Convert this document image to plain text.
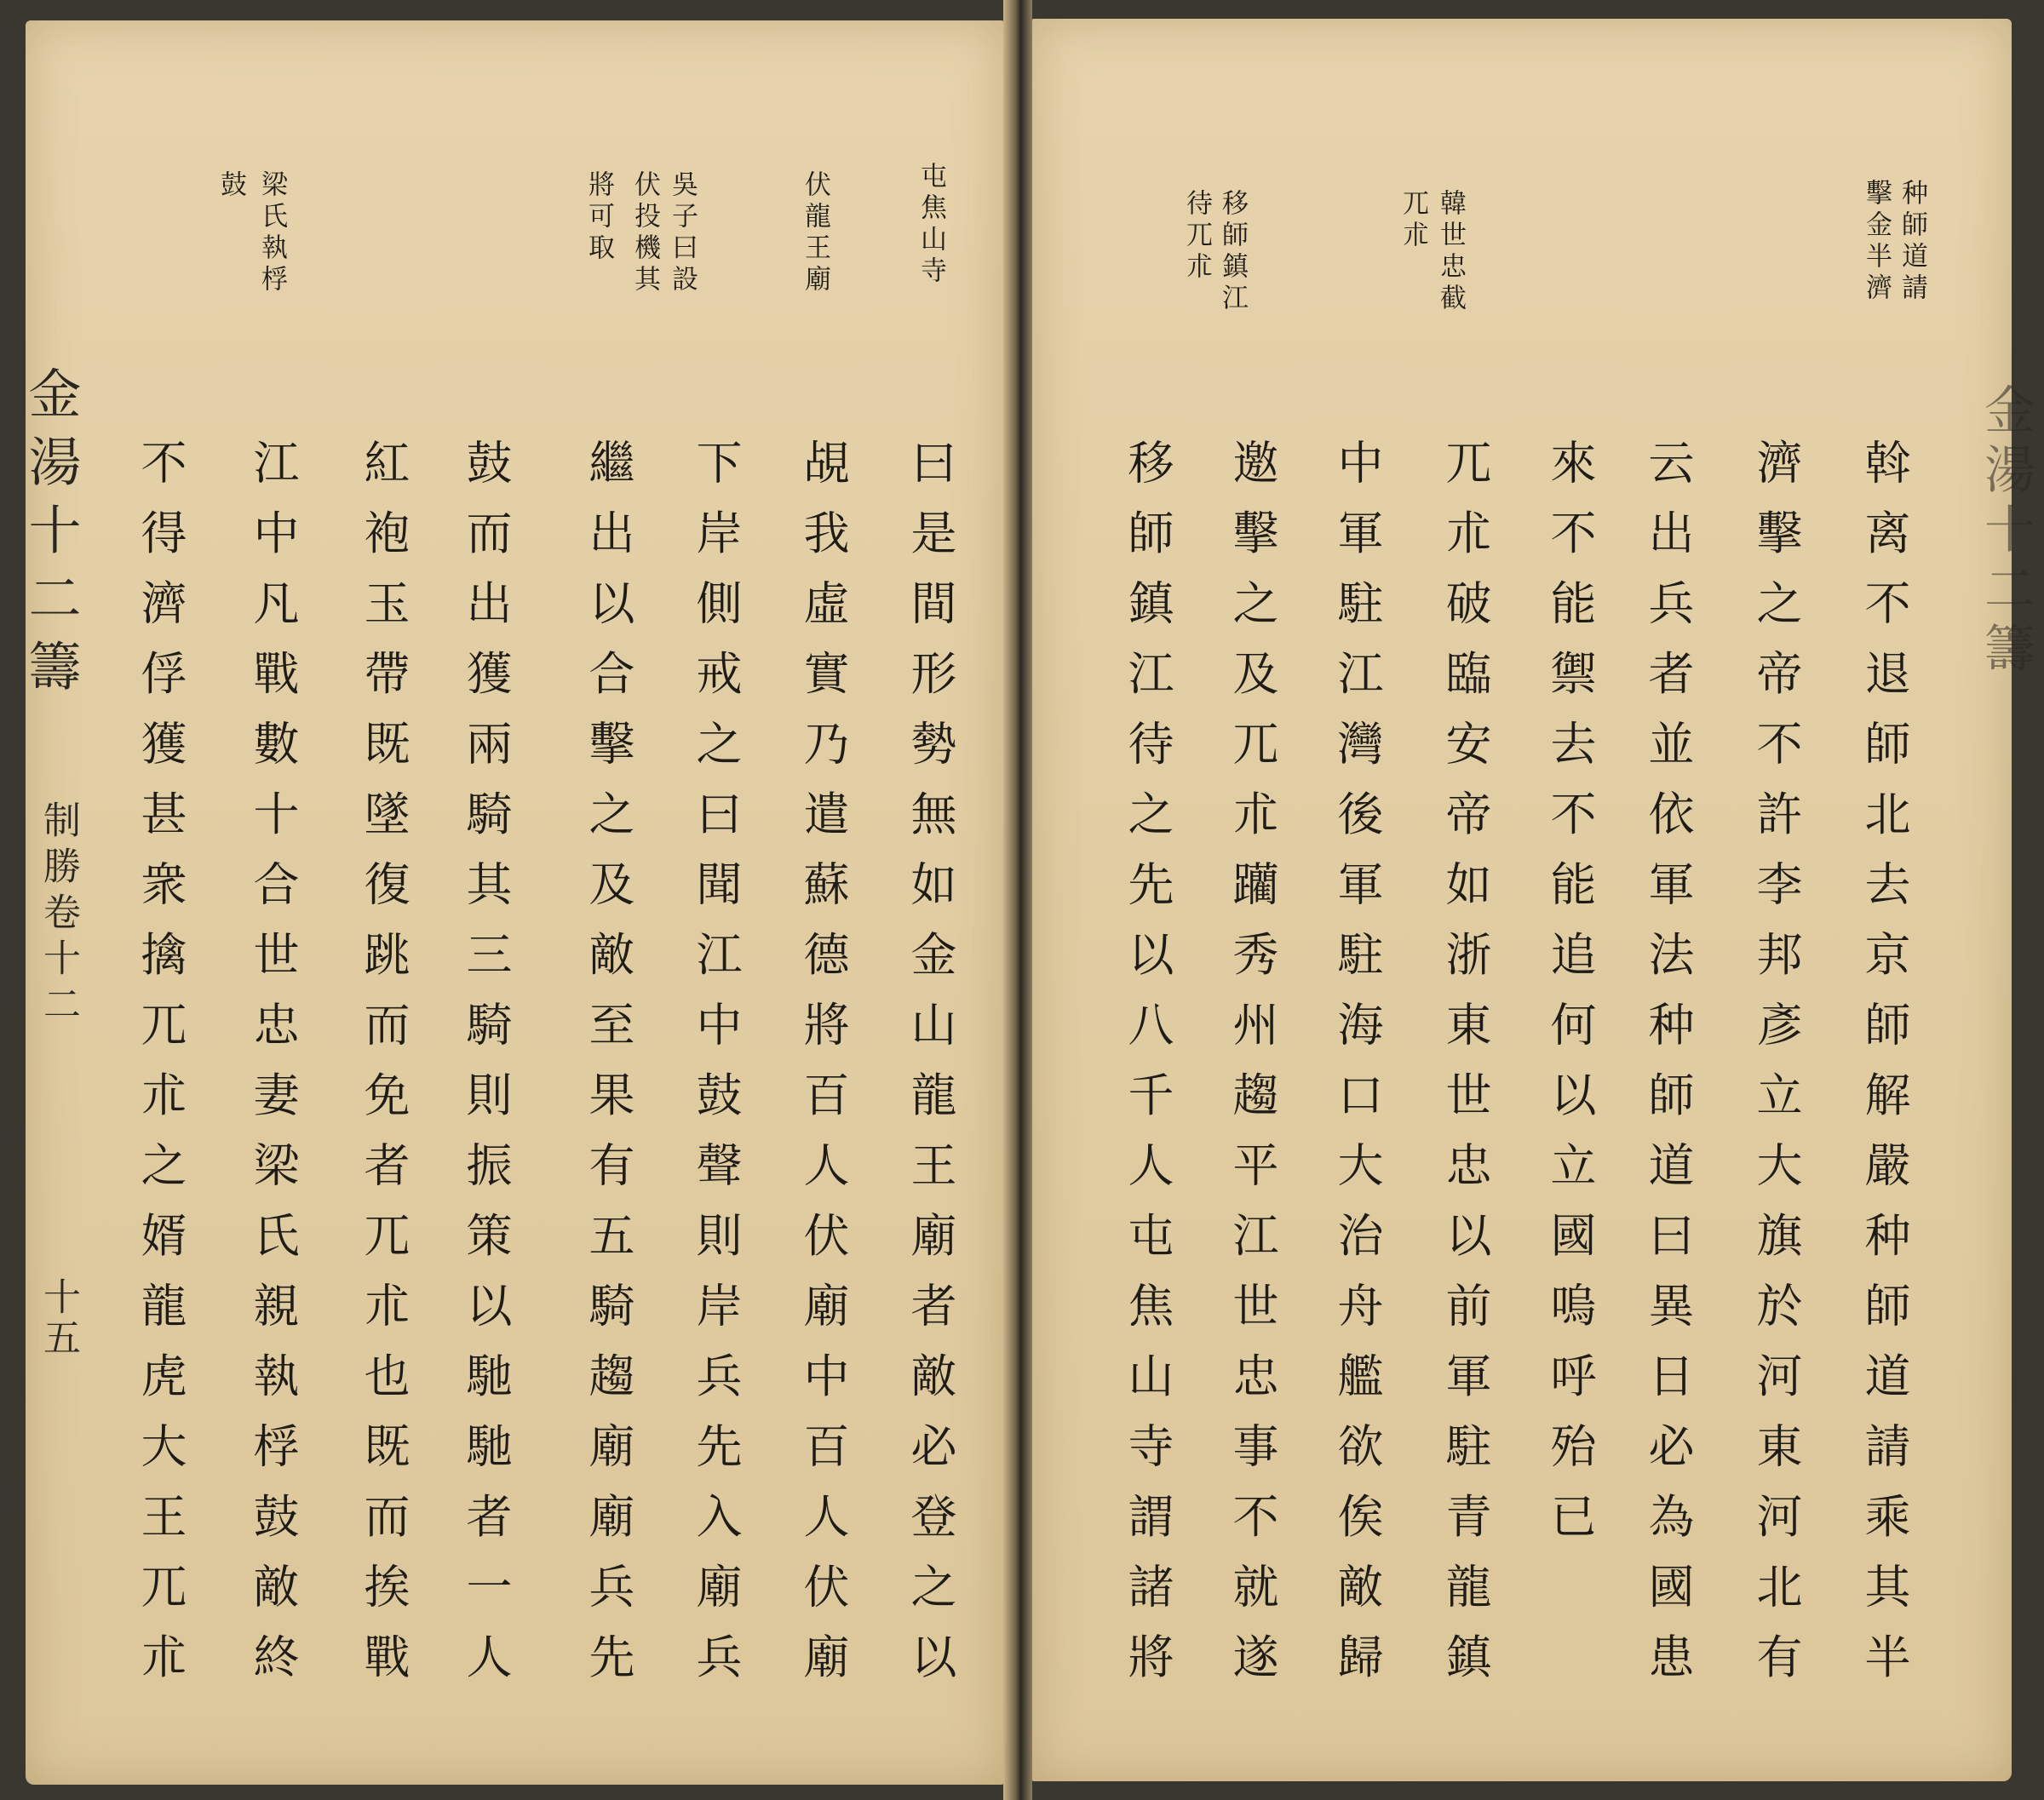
种師道請
擊金半濟
韓世忠截
兀朮
移師鎮江
待兀朮
斡离不退師北去京師解嚴种師道請乘其半
濟擊之帝不許李邦彥立大旗於河東河北有
云出兵者並依軍法种師道曰異日必為國患
來不能禦去不能追何以立國嗚呼殆已
兀朮破臨安帝如浙東世忠以前軍駐青龍鎮
中軍駐江灣後軍駐海口大治舟艦欲俟敵歸
邀擊之及兀朮躪秀州趨平江世忠事不就遂
移師鎮江待之先以八千人屯焦山寺謂諸將	金湯十二籌
屯焦山寺
伏龍王廟
吳子曰設
伏投機其
將可取
梁氏執桴
鼓
曰是間形勢無如金山龍王廟者敵必登之以
覘我虛實乃遣蘇德將百人伏廟中百人伏廟
下岸側戒之曰聞江中鼓聲則岸兵先入廟兵
繼出以合擊之及敵至果有五騎趨廟廟兵先
鼓而出獲兩騎其三騎則振策以馳馳者一人
紅袍玉帶既墜復跳而免者兀朮也既而挨戰
江中凡戰數十合世忠妻梁氏親執桴鼓敵終
不得濟俘獲甚衆擒兀朮之婿龍虎大王兀朮
金湯十二籌
制勝卷十二
十五
